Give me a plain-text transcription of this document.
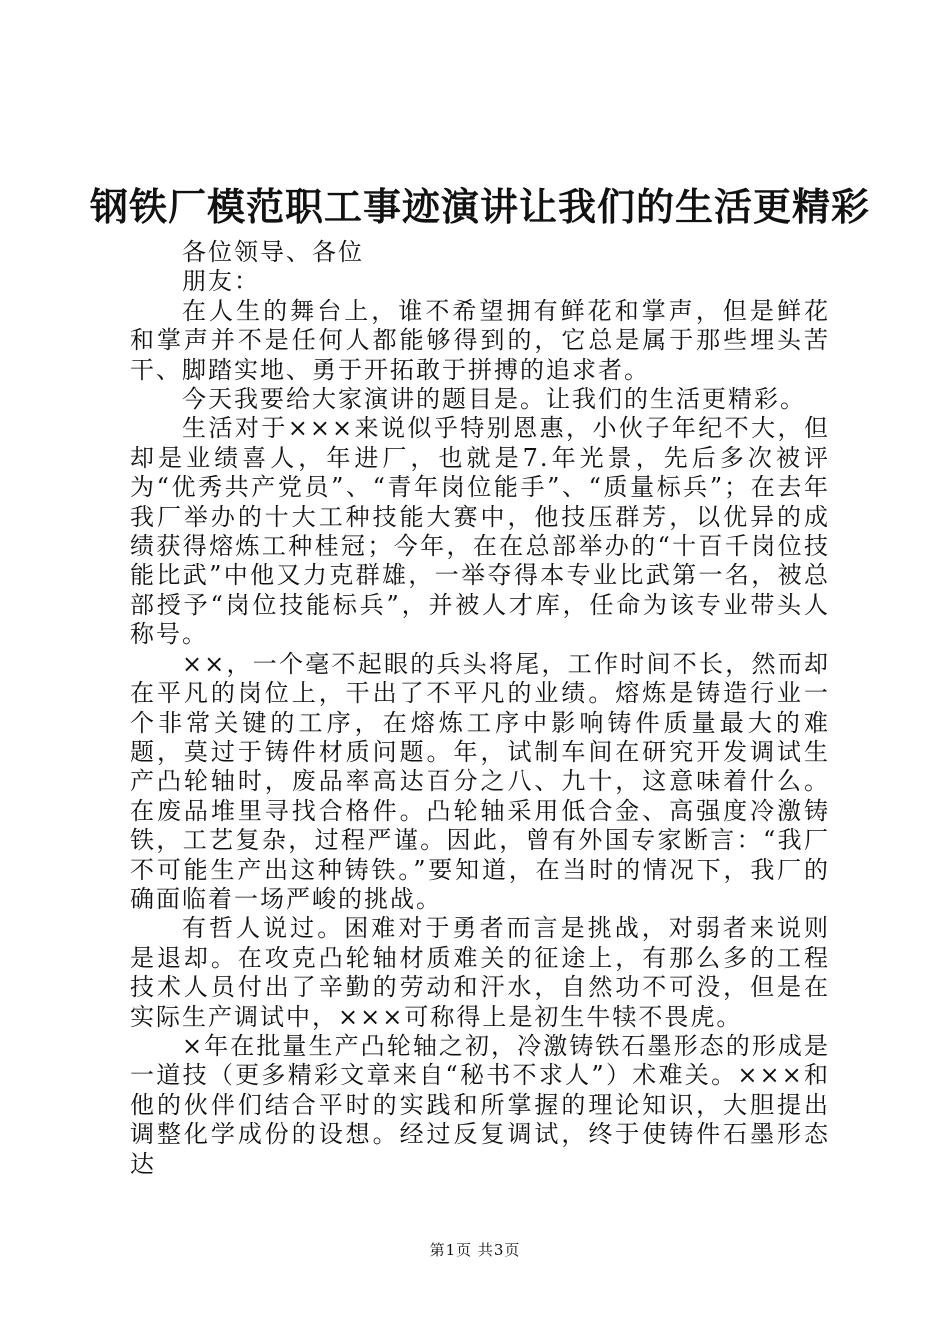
钢铁厂模范职工事迹演讲让我们的生活更精彩

各位领导、各位

朋友：

在人生的舞台上，谁不希望拥有鲜花和掌声，但是鲜花和掌声并不是任何人都能够得到的，它总是属于那些埋头苦干、脚踏实地、勇于开拓敢于拼搏的追求者。

今天我要给大家演讲的题目是。让我们的生活更精彩。

生活对于×××来说似乎特别恩惠，小伙子年纪不大，但却是业绩喜人，年进厂，也就是7.年光景，先后多次被评为“优秀共产党员”、“青年岗位能手”、“质量标兵”；在去年我厂举办的十大工种技能大赛中，他技压群芳，以优异的成绩获得熔炼工种桂冠；今年，在在总部举办的“十百千岗位技能比武”中他又力克群雄，一举夺得本专业比武第一名，被总部授予“岗位技能标兵”，并被人才库，任命为该专业带头人称号。

××，一个毫不起眼的兵头将尾，工作时间不长，然而却在平凡的岗位上，干出了不平凡的业绩。熔炼是铸造行业一个非常关键的工序，在熔炼工序中影响铸件质量最大的难题，莫过于铸件材质问题。年，试制车间在研究开发调试生产凸轮轴时，废品率高达百分之八、九十，这意味着什么。在废品堆里寻找合格件。凸轮轴采用低合金、高强度冷激铸铁，工艺复杂，过程严谨。因此，曾有外国专家断言：“我厂不可能生产出这种铸铁。”要知道，在当时的情况下，我厂的确面临着一场严峻的挑战。

有哲人说过。困难对于勇者而言是挑战，对弱者来说则是退却。在攻克凸轮轴材质难关的征途上，有那么多的工程技术人员付出了辛勤的劳动和汗水，自然功不可没，但是在实际生产调试中，×××可称得上是初生牛犊不畏虎。

×年在批量生产凸轮轴之初，冷激铸铁石墨形态的形成是一道技（更多精彩文章来自“秘书不求人”）术难关。×××和他的伙伴们结合平时的实践和所掌握的理论知识，大胆提出调整化学成份的设想。经过反复调试，终于使铸件石墨形态达

第1页 共3页
